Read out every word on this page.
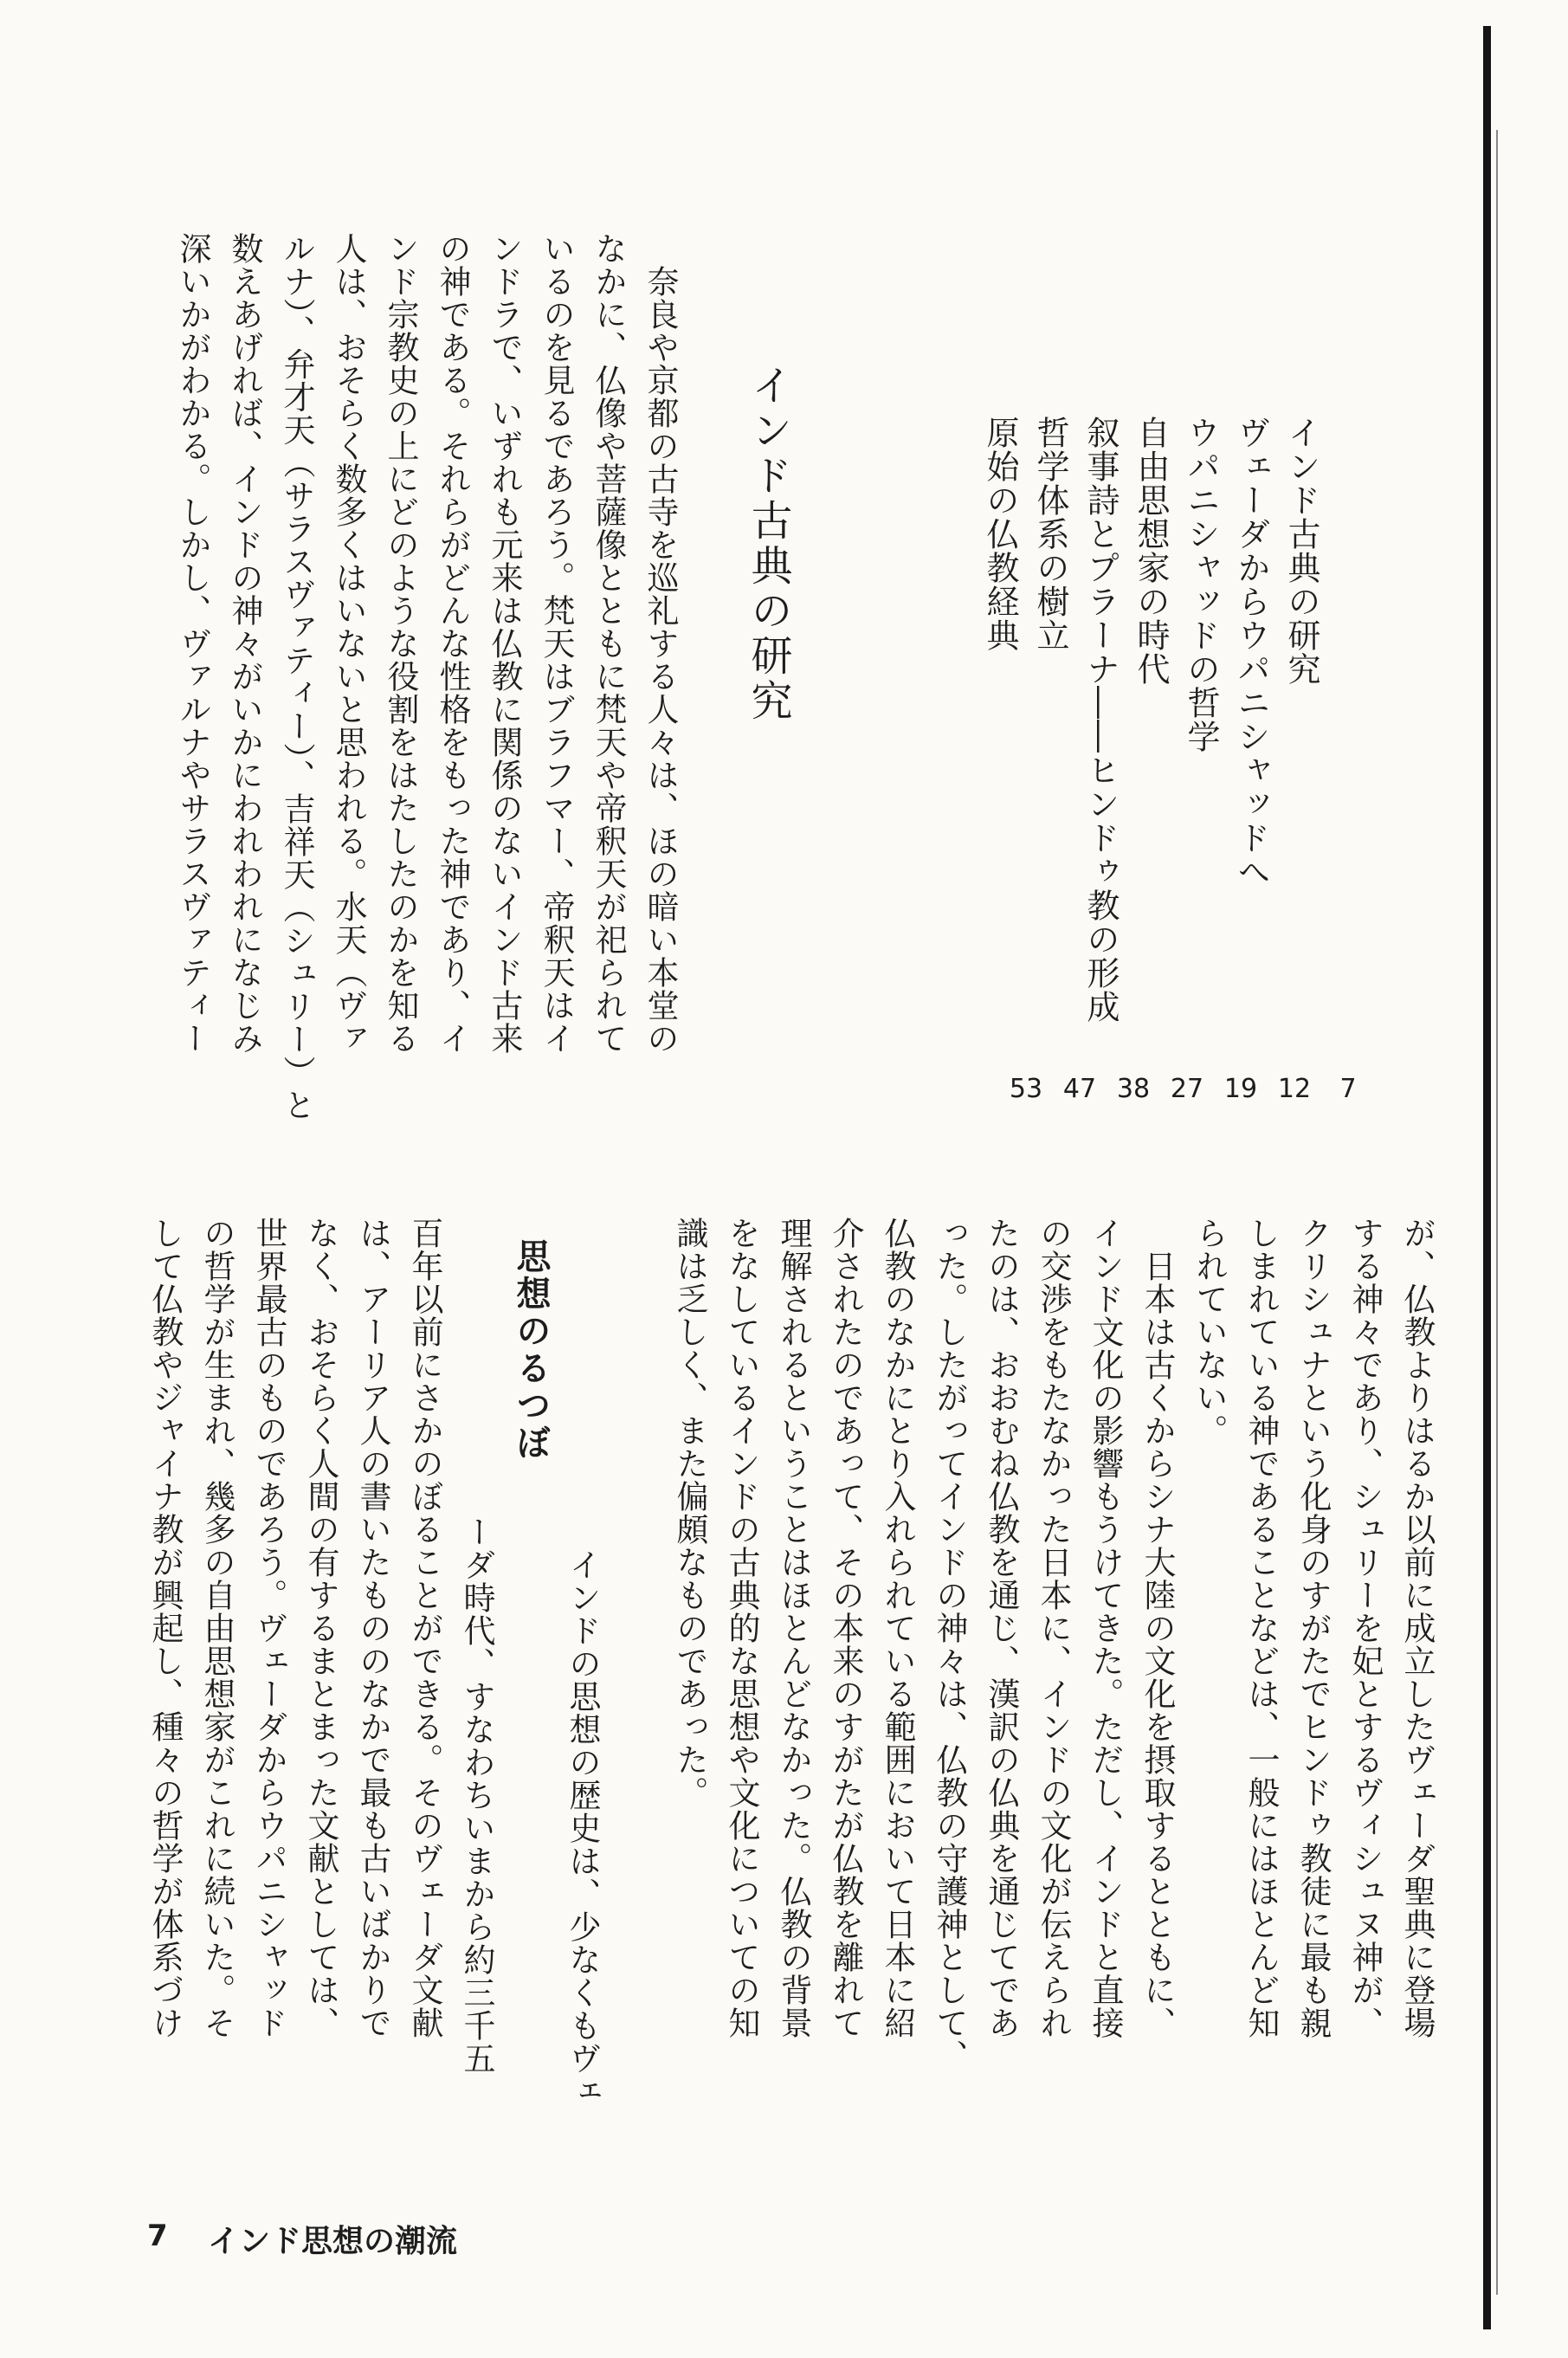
インド古典の研究
ヴェーダからウパニシャッドへ
ウパニシャッドの哲学
自由思想家の時代
叙事詩とプラーナ――ヒンドゥ教の形成
哲学体系の樹立
原始の仏教経典
7
12
19
27
38
47
53
インド古典の研究
　奈良や京都の古寺を巡礼する人々は、ほの暗い本堂の
なかに、仏像や菩薩像とともに梵天や帝釈天が祀られて
いるのを見るであろう。梵天はブラフマー、帝釈天はイ
ンドラで、いずれも元来は仏教に関係のないインド古来
の神である。それらがどんな性格をもった神であり、イ
ンド宗教史の上にどのような役割をはたしたのかを知る
人は、おそらく数多くはいないと思われる。水天（ヴァ
ルナ）、弁才天（サラスヴァティー）、吉祥天（シュリー）と
数えあげれば、インドの神々がいかにわれわれになじみ
深いかがわかる。しかし、ヴァルナやサラスヴァティー
が、仏教よりはるか以前に成立したヴェーダ聖典に登場
する神々であり、シュリーを妃とするヴィシュヌ神が、
クリシュナという化身のすがたでヒンドゥ教徒に最も親
しまれている神であることなどは、一般にはほとんど知
られていない。
　日本は古くからシナ大陸の文化を摂取するとともに、
インド文化の影響もうけてきた。ただし、インドと直接
の交渉をもたなかった日本に、インドの文化が伝えられ
たのは、おおむね仏教を通じ、漢訳の仏典を通じてであ
った。したがってインドの神々は、仏教の守護神として、
仏教のなかにとり入れられている範囲において日本に紹
介されたのであって、その本来のすがたが仏教を離れて
理解されるということはほとんどなかった。仏教の背景
をなしているインドの古典的な思想や文化についての知
識は乏しく、また偏頗なものであった。
思想のるつぼ
　インドの思想の歴史は、少なくもヴェ
ーダ時代、すなわちいまから約三千五
百年以前にさかのぼることができる。そのヴェーダ文献
は、アーリア人の書いたもののなかで最も古いばかりで
なく、おそらく人間の有するまとまった文献としては、
世界最古のものであろう。ヴェーダからウパニシャッド
の哲学が生まれ、幾多の自由思想家がこれに続いた。そ
して仏教やジャイナ教が興起し、種々の哲学が体系づけ
7 インド思想の潮流
